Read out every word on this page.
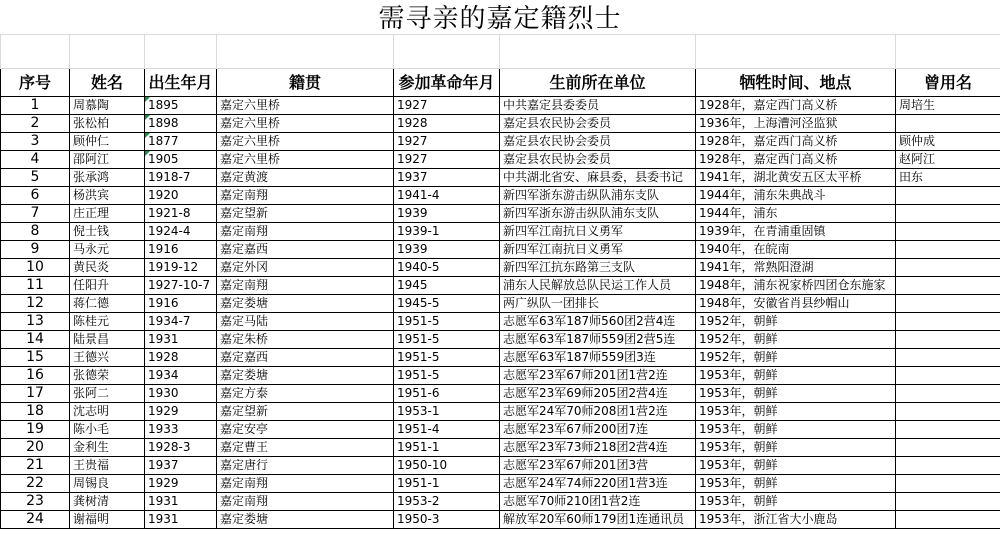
需寻亲的嘉定籍烈士

序号	姓名	出生年月	籍贯	参加革命年月	生前所在单位	牺牲时间、地点	曾用名
1	周慕陶	1895	嘉定六里桥	1927	中共嘉定县委委员	1928年，嘉定西门高义桥	周培生
2	张松柏	1898	嘉定六里桥	1928	嘉定县农民协会委员	1936年，上海漕河泾监狱	
3	顾仲仁	1877	嘉定六里桥	1927	嘉定县农民协会委员	1928年，嘉定西门高义桥	顾仲成
4	邵阿江	1905	嘉定六里桥	1927	嘉定县农民协会委员	1928年，嘉定西门高义桥	赵阿江
5	张承鸿	1918-7	嘉定黄渡	1937	中共湖北省安、麻县委，县委书记	1941年，湖北黄安五区太平桥	田东
6	杨洪宾	1920	嘉定南翔	1941-4	新四军浙东游击纵队浦东支队	1944年，浦东朱典战斗	
7	庄正理	1921-8	嘉定望新	1939	新四军浙东游击纵队浦东支队	1944年，浦东	
8	倪士钱	1924-4	嘉定南翔	1939-1	新四军江南抗日义勇军	1939年，在青浦重固镇	
9	马永元	1916	嘉定嘉西	1939	新四军江南抗日义勇军	1940年，在皖南	
10	黄民炎	1919-12	嘉定外冈	1940-5	新四军江抗东路第三支队	1941年，常熟阳澄湖	
11	任阳升	1927-10-7	嘉定南翔	1945	浦东人民解放总队民运工作人员	1948年，浦东祝家桥四团仓东施家	
12	蒋仁德	1916	嘉定娄塘	1945-5	两广纵队一团排长	1948年，安徽省肖县纱帽山	
13	陈桂元	1934-7	嘉定马陆	1951-5	志愿军63军187师560团2营4连	1952年，朝鲜	
14	陆景昌	1931	嘉定朱桥	1951-5	志愿军63军187师559团2营5连	1952年，朝鲜	
15	王德兴	1928	嘉定嘉西	1951-5	志愿军63军187师559团3连	1952年，朝鲜	
16	张德荣	1934	嘉定娄塘	1951-5	志愿军23军67师201团1营2连	1953年，朝鲜	
17	张阿二	1930	嘉定方泰	1951-6	志愿军23军69师205团2营4连	1953年，朝鲜	
18	沈志明	1929	嘉定望新	1953-1	志愿军24军70师208团1营2连	1953年，朝鲜	
19	陈小毛	1933	嘉定安亭	1951-4	志愿军23军67师200团7连	1953年，朝鲜	
20	金利生	1928-3	嘉定曹王	1951-1	志愿军23军73师218团2营4连	1953年，朝鲜	
21	王贵福	1937	嘉定唐行	1950-10	志愿军23军67师201团3营	1953年，朝鲜	
22	周锡良	1929	嘉定南翔	1951-1	志愿军24军74师220团1营3连	1953年，朝鲜	
23	龚树清	1931	嘉定南翔	1953-2	志愿军70师210团1营2连	1953年，朝鲜	
24	谢福明	1931	嘉定娄塘	1950-3	解放军20军60师179团1连通讯员	1953年，浙江省大小鹿岛	
